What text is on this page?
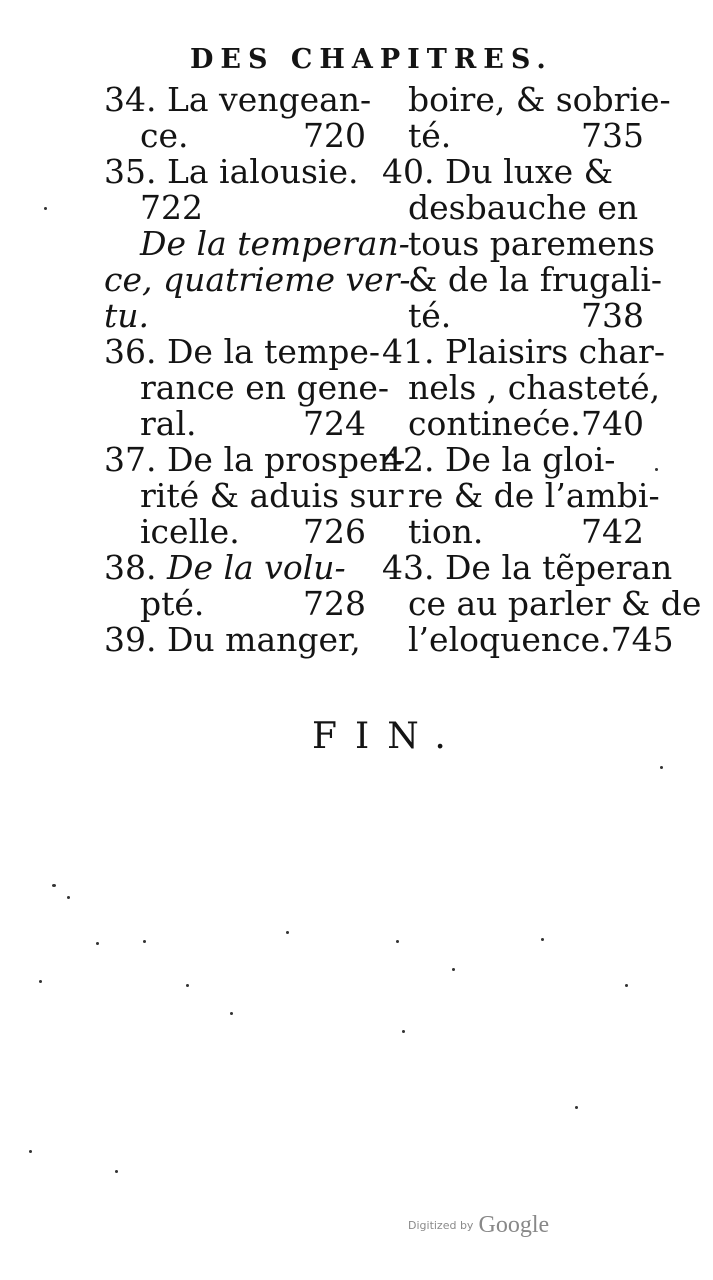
DES CHAPITRES.
34. La vengean-
ce.	720
35. La ialousie.
722
De la temperan-
ce, quatrieme ver-
tu.
36. De la tempe-
rance en gene-
ral.	724
37. De la prosper-
rité & aduis sur
icelle. 726
38. De la volu-
pté.	728
39. Du manger,
boire, & sobrie-
té.	735
40. Du luxe &
desbauche en
tous paremens
& de la frugali-
té.	738
41. Plaisirs char-
nels , chasteté,
contineće. 740
42. De la gloi-
re & de l’ambi-
tion.	742
43. De la tẽperan
ce au parler & de
l’eloquence. 745
FIN.
Digitized by Google
